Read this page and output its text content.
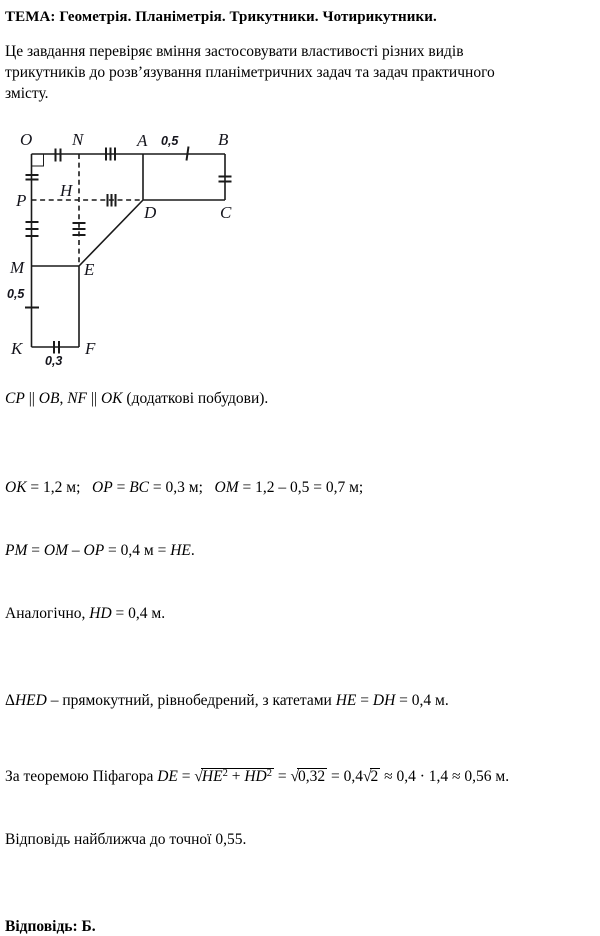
ТЕМА: Геометрія. Планіметрія. Трикутники. Чотирикутники.

Це завдання перевіряє вміння застосовувати властивості різних видів
трикутників до розв’язування планіметричних задач та задач практичного
змісту.

O N	A	B
P
H
D	C
M	E
K	F
0,5
0,5
0,3
CP || OB, NF || OK (додаткові побудови).

OK = 1,2 м;   OP = BC = 0,3 м;   OM = 1,2 – 0,5 = 0,7 м;

PM = OM – OP = 0,4 м = HE.

Аналогічно, HD = 0,4 м.

ΔHED – прямокутний, рівнобедрений, з катетами HE = DH = 0,4 м.

За теоремою Піфагора DE = $√HE^2 + HD^2 = √0,32 = 0,4√2 \approx 0,4 \cdot 1,4 \approx 0,56$ м.

Відповідь найближча до точної 0,55.

Відповідь: Б.
